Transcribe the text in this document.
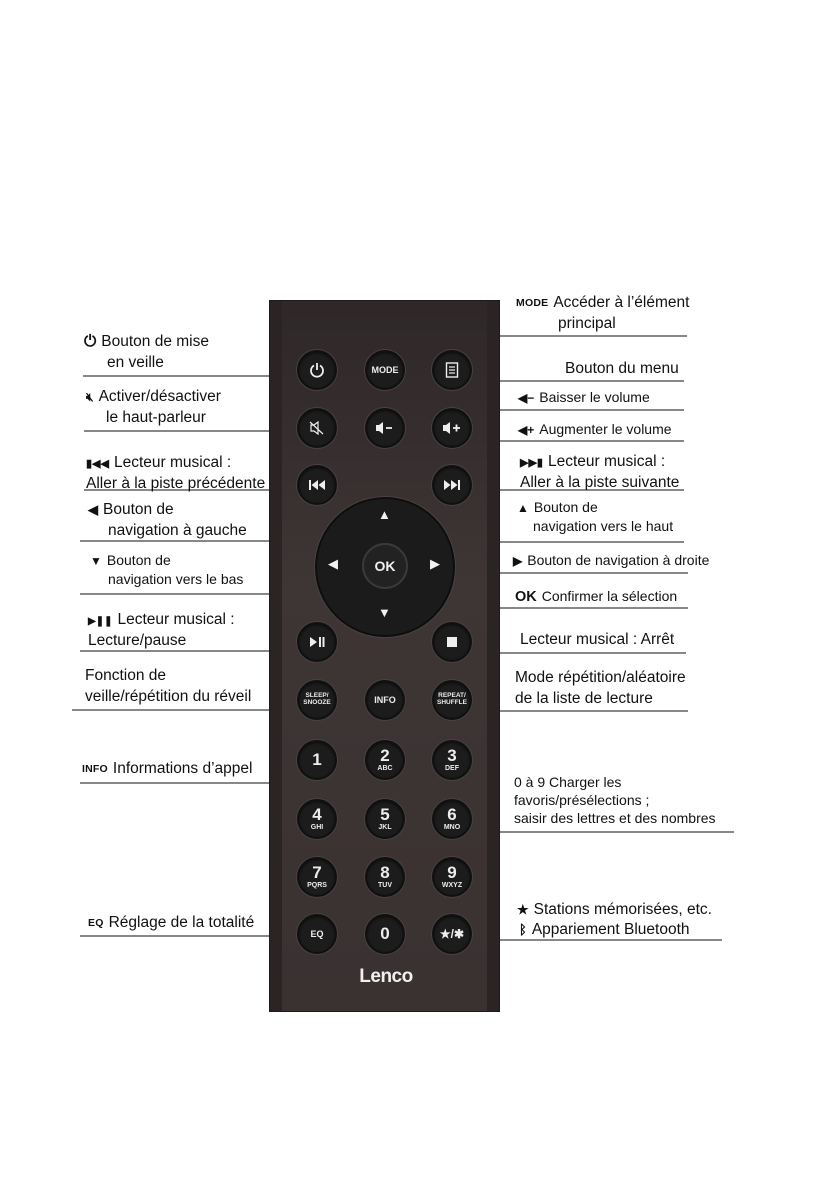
MODE
▲
▼
◀	▶
OK
SLEEP/
SNOOZE	INFO	REPEAT/
SHUFFLE
1	2
ABC
3
DEF
4
GHI
5
JKL
6
MNO
7
PQRS
8
TUV
9
WXYZ
EQ	0	★/✱
Lenco
⏻ Bouton de mise
en veille
🔇︎ Activer/désactiver
le haut-parleur
▮◀◀ Lecteur musical :
Aller à la piste précédente
◀ Bouton de
navigation à gauche
▼ Bouton de
navigation vers le bas
▶❚❚ Lecteur musical :
Lecture/pause
Fonction de
veille/répétition du réveil
INFO Informations d’appel
EQ Réglage de la totalité
MODE Accéder à l’élément
principal
Bouton du menu
◀− Baisser le volume
◀+ Augmenter le volume
▶▶▮ Lecteur musical :
Aller à la piste suivante
▲ Bouton de
navigation vers le haut
▶ Bouton de navigation à droite
OK Confirmer la sélection
Lecteur musical : Arrêt
Mode répétition/aléatoire
de la liste de lecture
0 à 9 Charger les
favoris/présélections ;
saisir des lettres et des nombres
★ Stations mémorisées, etc.
ᛒ Appariement Bluetooth
